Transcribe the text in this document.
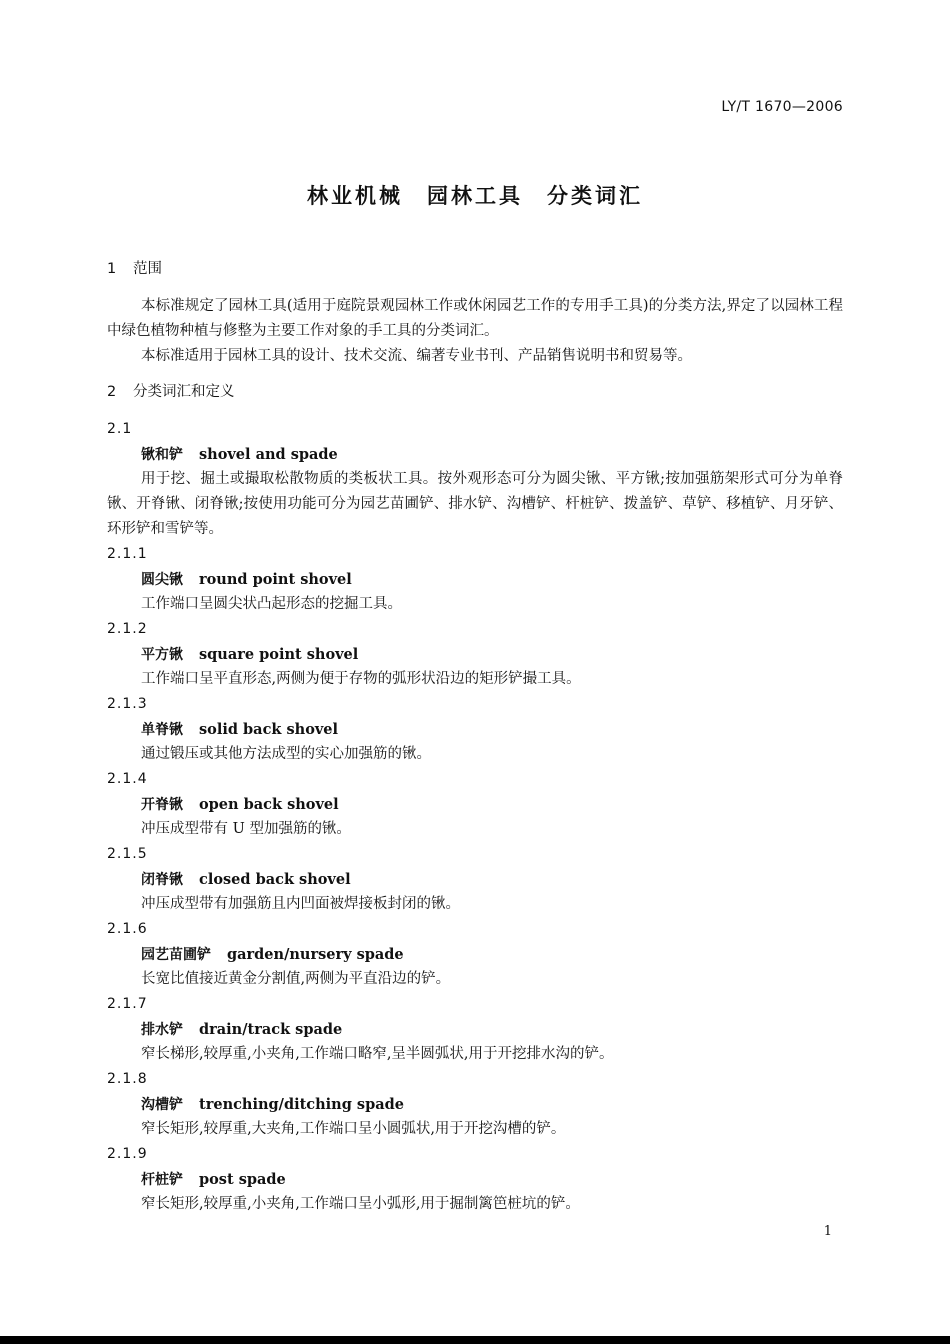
LY/T 1670—2006
林业机械　园林工具　分类词汇
1 范围

本标准规定了园林工具(适用于庭院景观园林工作或休闲园艺工作的专用手工具)的分类方法,界定了以园林工程中绿色植物种植与修整为主要工作对象的手工具的分类词汇。

本标准适用于园林工具的设计、技术交流、编著专业书刊、产品销售说明书和贸易等。

2 分类词汇和定义
2.1
锹和铲 shovel and spade

用于挖、掘土或撮取松散物质的类板状工具。按外观形态可分为圆尖锹、平方锹;按加强筋架形式可分为单脊锹、开脊锹、闭脊锹;按使用功能可分为园艺苗圃铲、排水铲、沟槽铲、杆桩铲、拨盖铲、草铲、移植铲、月牙铲、环形铲和雪铲等。

2.1.1
圆尖锹 round point shovel

工作端口呈圆尖状凸起形态的挖掘工具。

2.1.2
平方锹 square point shovel

工作端口呈平直形态,两侧为便于存物的弧形状沿边的矩形铲撮工具。

2.1.3
单脊锹 solid back shovel

通过锻压或其他方法成型的实心加强筋的锹。

2.1.4
开脊锹 open back shovel

冲压成型带有 U 型加强筋的锹。

2.1.5
闭脊锹 closed back shovel

冲压成型带有加强筋且内凹面被焊接板封闭的锹。

2.1.6
园艺苗圃铲 garden/nursery spade

长宽比值接近黄金分割值,两侧为平直沿边的铲。

2.1.7
排水铲 drain/track spade

窄长梯形,较厚重,小夹角,工作端口略窄,呈半圆弧状,用于开挖排水沟的铲。

2.1.8
沟槽铲 trenching/ditching spade

窄长矩形,较厚重,大夹角,工作端口呈小圆弧状,用于开挖沟槽的铲。

2.1.9
杆桩铲 post spade

窄长矩形,较厚重,小夹角,工作端口呈小弧形,用于掘制篱笆桩坑的铲。

1
